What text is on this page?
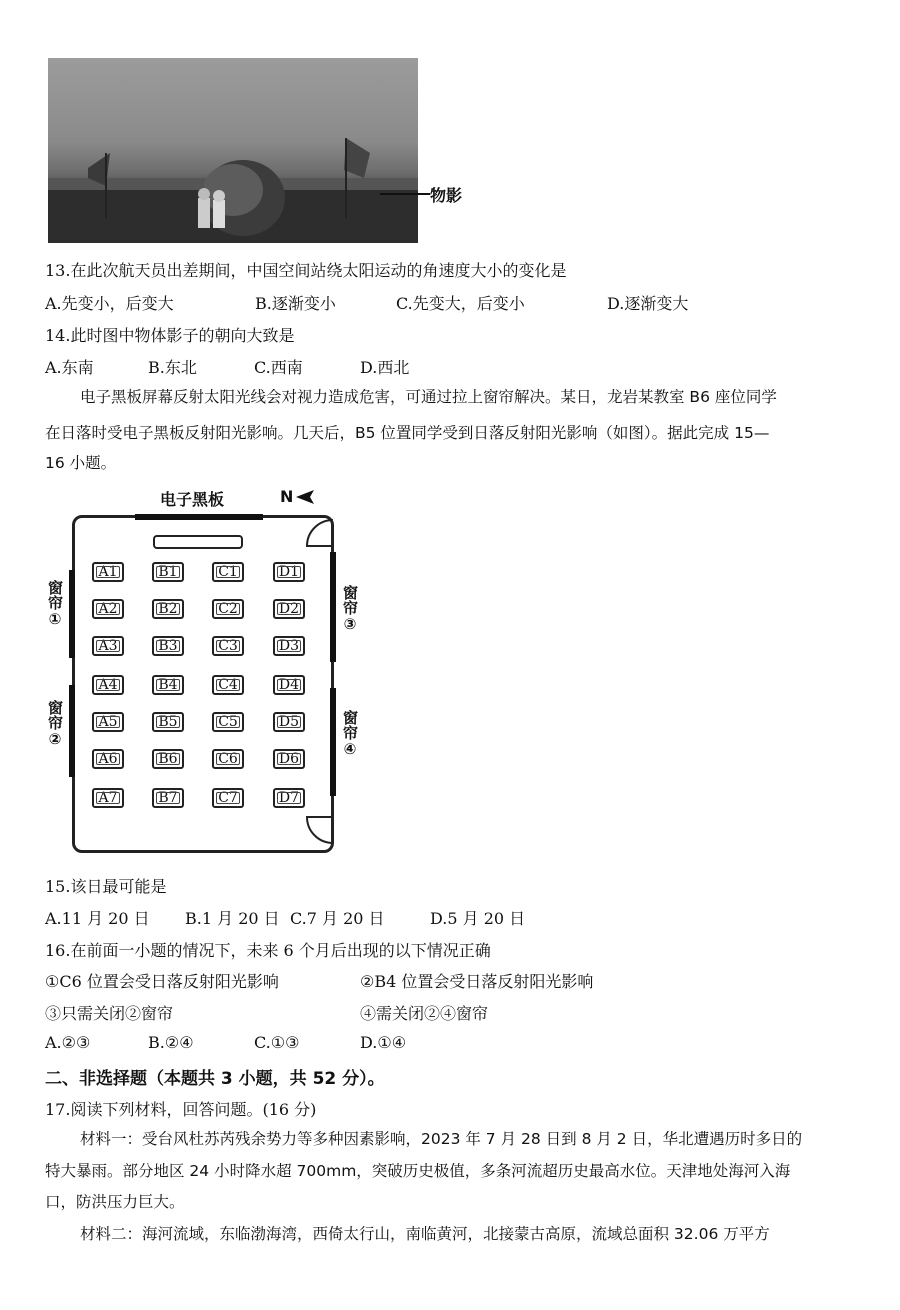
物影
13.在此次航天员出差期间，中国空间站绕太阳运动的角速度大小的变化是
A.先变小，后变大	B.逐渐变小	C.先变大，后变小	D.逐渐变大
14.此时图中物体影子的朝向大致是
A.东南	B.东北	C.西南	D.西北
电子黑板屏幕反射太阳光线会对视力造成危害，可通过拉上窗帘解决。某日，龙岩某教室 B6 座位同学
在日落时受电子黑板反射阳光影响。几天后，B5 位置同学受到日落反射阳光影响（如图）。据此完成 15—
16 小题。
电子黑板	N
窗帘①
窗帘②
窗帘③
窗帘④
A1	B1	C1	D1
A2	B2	C2	D2
A3	B3	C3	D3
A4	B4	C4	D4
A5	B5	C5	D5
A6	B6	C6	D6
A7	B7	C7	D7
15.该日最可能是
A.11 月 20 日 B.1 月 20 日 C.7 月 20 日	D.5 月 20 日
16.在前面一小题的情况下，未来 6 个月后出现的以下情况正确
①C6 位置会受日落反射阳光影响	②B4 位置会受日落反射阳光影响
③只需关闭②窗帘	④需关闭②④窗帘
A.②③	B.②④	C.①③	D.①④
二、非选择题（本题共 3 小题，共 52 分）。
17.阅读下列材料，回答问题。(16 分)
材料一：受台风杜苏芮残余势力等多种因素影响，2023 年 7 月 28 日到 8 月 2 日，华北遭遇历时多日的
特大暴雨。部分地区 24 小时降水超 700mm，突破历史极值，多条河流超历史最高水位。天津地处海河入海
口，防洪压力巨大。
材料二：海河流域，东临渤海湾，西倚太行山，南临黄河，北接蒙古高原，流域总面积 32.06 万平方
